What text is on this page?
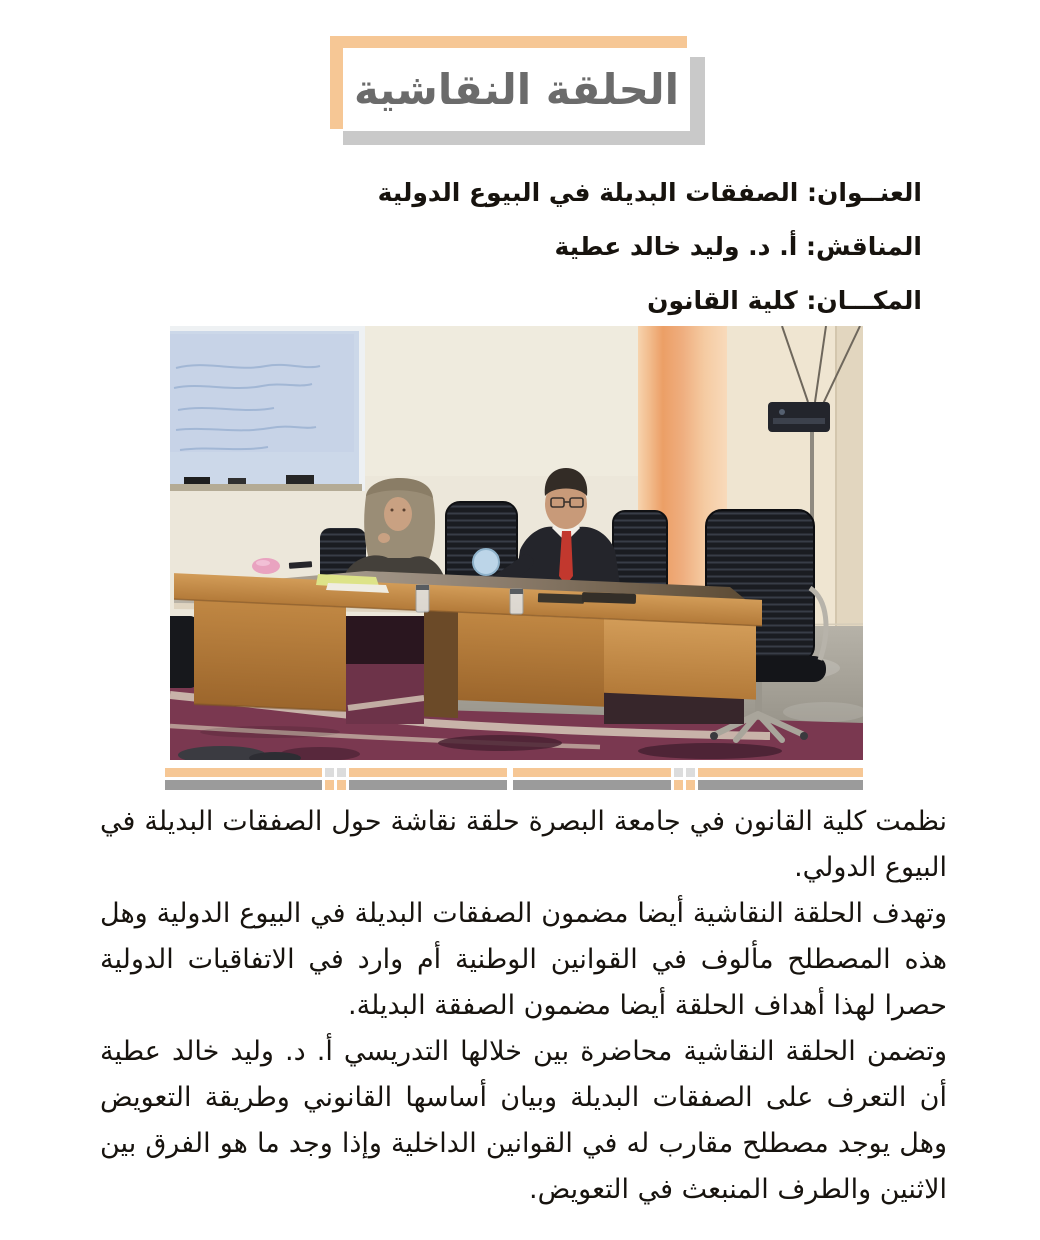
الحلقة النقاشية

العنــوان: الصفقات البديلة في البيوع الدولية

المناقش: أ. د. وليد خالد عطية

المكـــان: كلية القانون

نظمت كلية القانون في جامعة البصرة حلقة نقاشة حول الصفقات البديلة في البيوع الدولي.

وتهدف الحلقة النقاشية أيضا مضمون الصفقات البديلة في البيوع الدولية وهل هذه المصطلح مألوف في القوانين الوطنية أم وارد في الاتفاقيات الدولية حصرا لهذا أهداف الحلقة أيضا مضمون الصفقة البديلة.

وتضمن الحلقة النقاشية محاضرة بين خلالها التدريسي أ. د. وليد خالد عطية أن التعرف على الصفقات البديلة وبيان أساسها القانوني وطريقة التعويض وهل يوجد مصطلح مقارب له في القوانين الداخلية وإذا وجد ما هو الفرق بين الاثنين والطرف المنبعث في التعويض.
